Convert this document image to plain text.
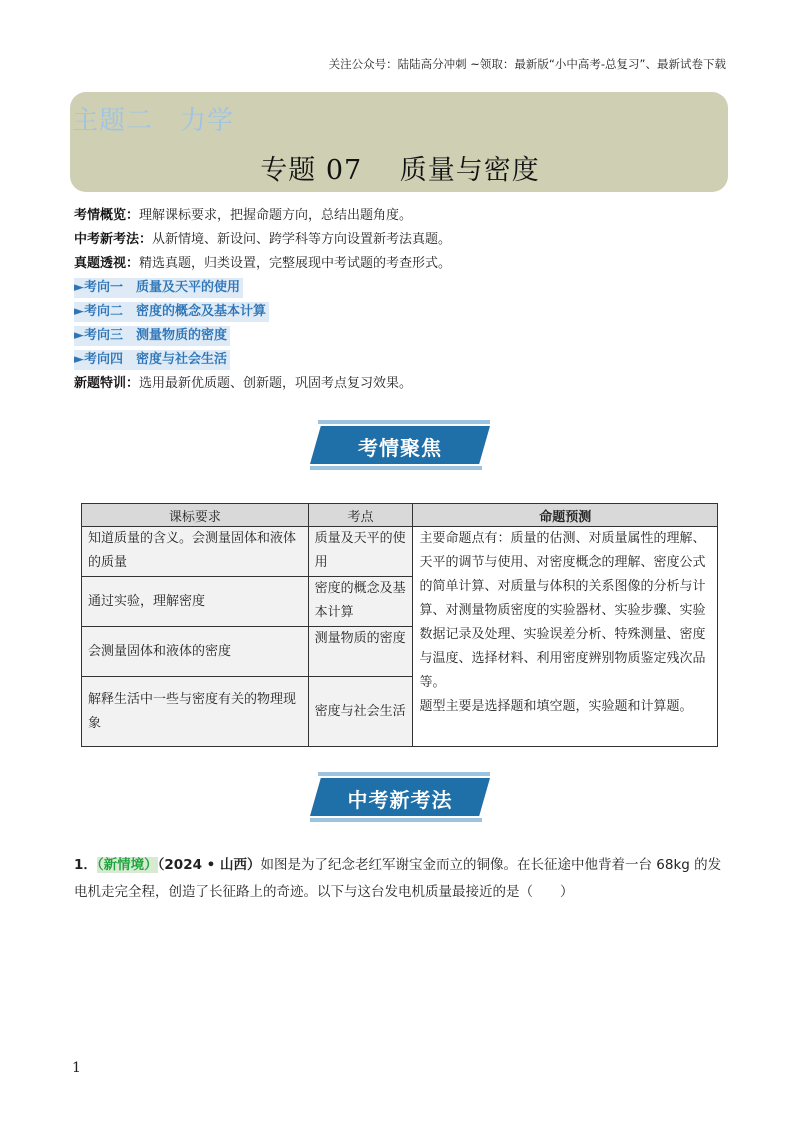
关注公众号：陆陆高分冲刺 ~领取：最新版“小中高考-总复习”、最新试卷下载
主题二　力学
专题 07　 质量与密度
考情概览：理解课标要求，把握命题方向，总结出题角度。
中考新考法：从新情境、新设问、跨学科等方向设置新考法真题。
真题透视：精选真题，归类设置，完整展现中考试题的考查形式。
►考向一　质量及天平的使用
►考向二　密度的概念及基本计算
►考向三　测量物质的密度
►考向四　密度与社会生活
新题特训：选用最新优质题、创新题，巩固考点复习效果。
考情聚焦
课标要求	考点	命题预测
知道质量的含义。会测量固体和液体的质量	质量及天平的使用	主要命题点有：质量的估测、对质量属性的理解、天平的调节与使用、对密度概念的理解、密度公式的简单计算、对质量与体积的关系图像的分析与计算、对测量物质密度的实验器材、实验步骤、实验数据记录及处理、实验误差分析、特殊测量、密度与温度、选择材料、利用密度辨别物质鉴定残次品等。
题型主要是选择题和填空题，实验题和计算题。

通过实验，理解密度	密度的概念及基本计算	
会测量固体和液体的密度	测量物质的密度	
解释生活中一些与密度有关的物理现象	密度与社会生活	
中考新考法
1．（新情境）（2024 • 山西）如图是为了纪念老红军谢宝金而立的铜像。在长征途中他背着一台 68kg 的发电机走完全程，创造了长征路上的奇迹。以下与这台发电机质量最接近的是（　　）
1
